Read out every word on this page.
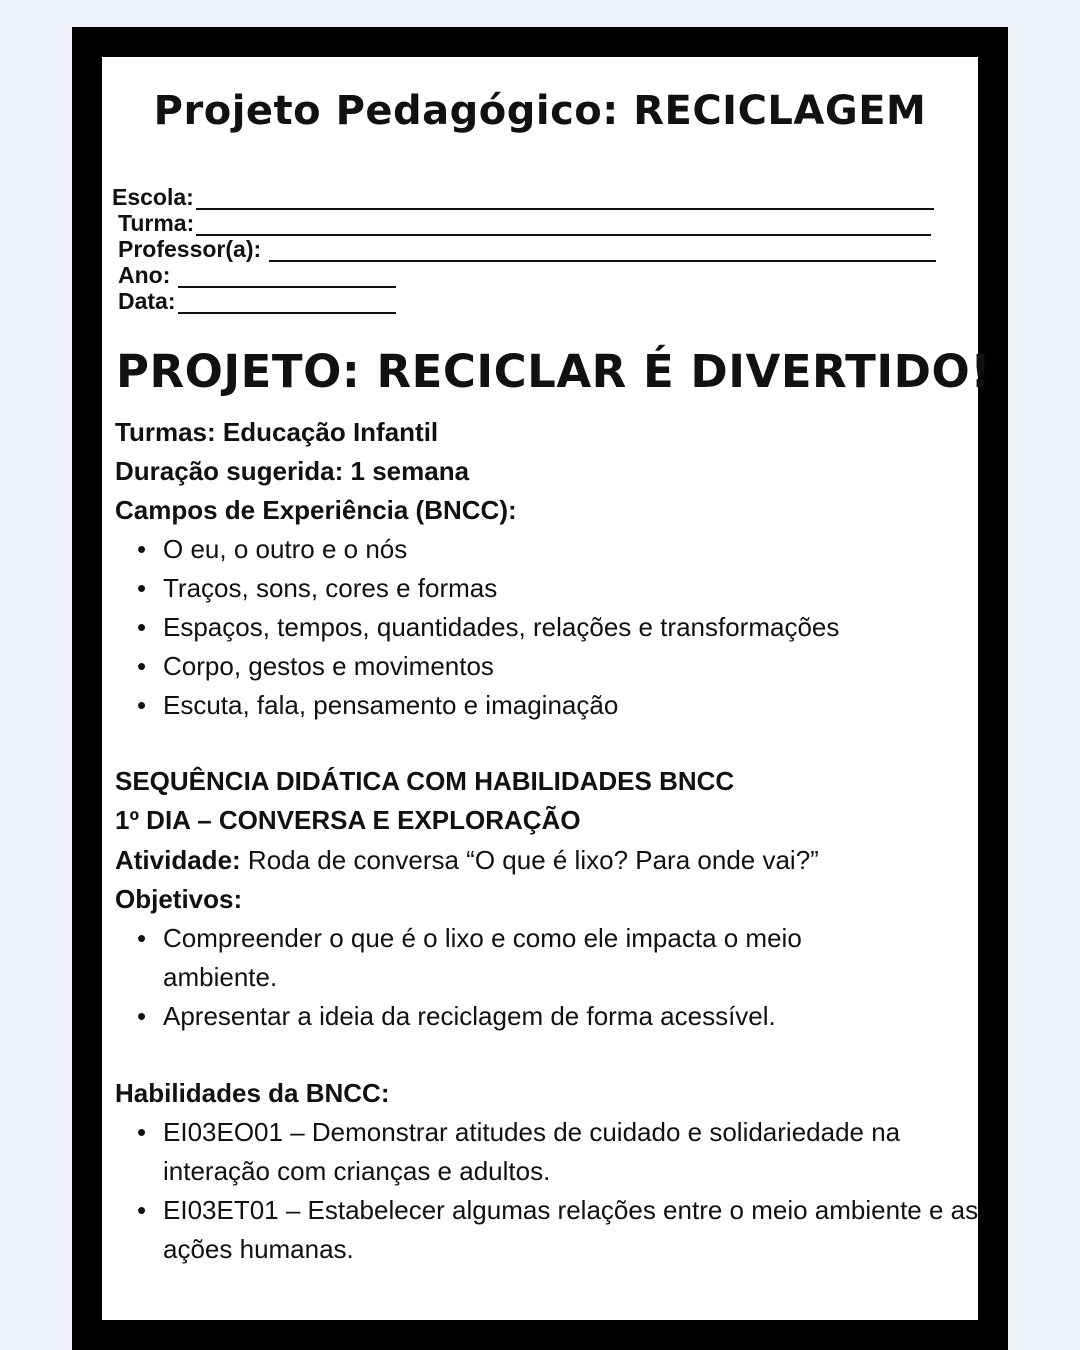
Projeto Pedagógico: RECICLAGEM
Escola:
Turma:
Professor(a):
Ano:
Data:
PROJETO: RECICLAR É DIVERTIDO!
Turmas: Educação Infantil
Duração sugerida: 1 semana
Campos de Experiência (BNCC):
• O eu, o outro e o nós
• Traços, sons, cores e formas
• Espaços, tempos, quantidades, relações e transformações
• Corpo, gestos e movimentos
• Escuta, fala, pensamento e imaginação
SEQUÊNCIA DIDÁTICA COM HABILIDADES BNCC
1º DIA – CONVERSA E EXPLORAÇÃO
Atividade: Roda de conversa “O que é lixo? Para onde vai?”
Objetivos:
• Compreender o que é o lixo e como ele impacta o meio ambiente.
• Apresentar a ideia da reciclagem de forma acessível.
Habilidades da BNCC:
• EI03EO01 – Demonstrar atitudes de cuidado e solidariedade na interação com crianças e adultos.
• EI03ET01 – Estabelecer algumas relações entre o meio ambiente e as ações humanas.
